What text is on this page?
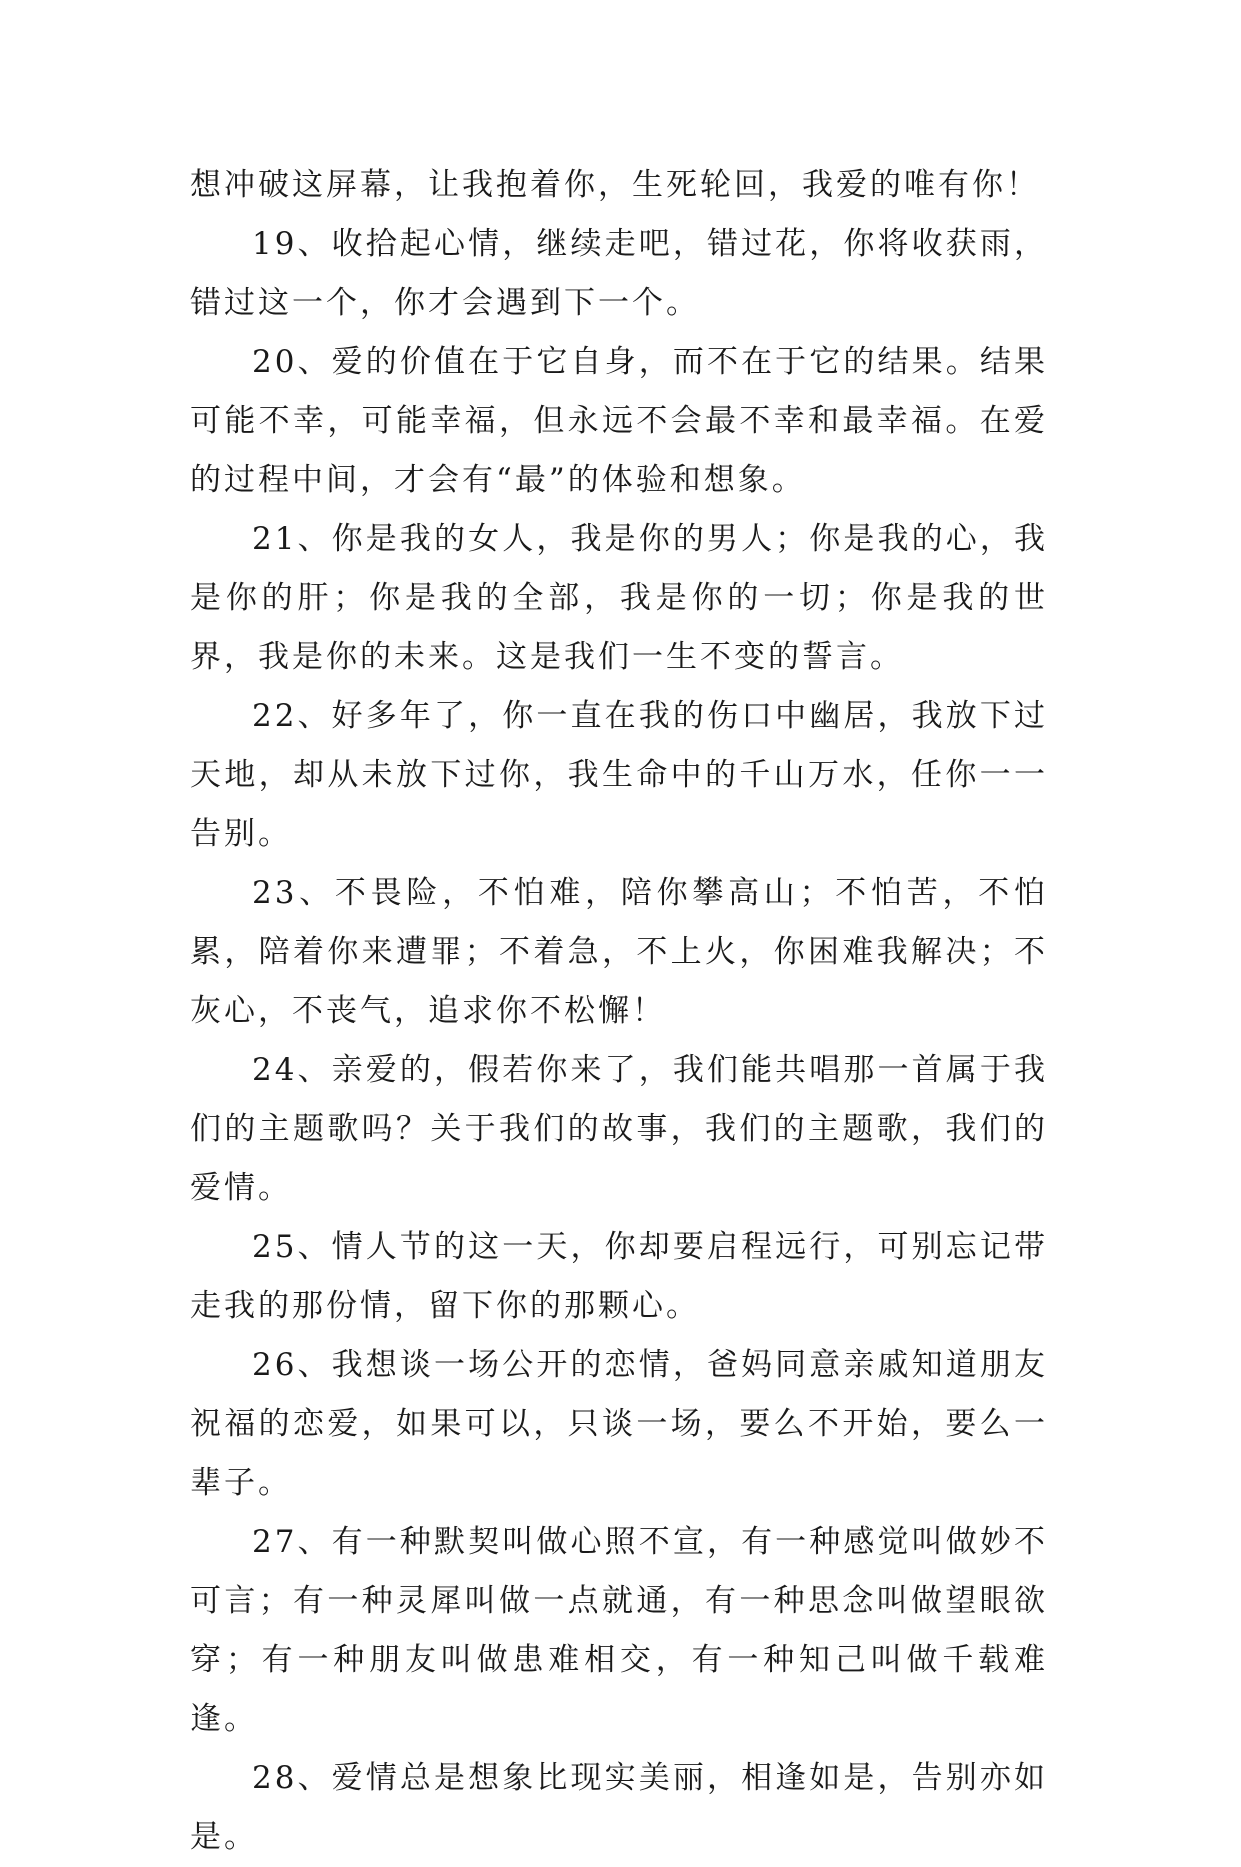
想冲破这屏幕，让我抱着你，生死轮回，我爱的唯有你！

19、收拾起心情，继续走吧，错过花，你将收获雨，错过这一个，你才会遇到下一个。

20、爱的价值在于它自身，而不在于它的结果。结果可能不幸，可能幸福，但永远不会最不幸和最幸福。在爱的过程中间，才会有“最”的体验和想象。

21、你是我的女人，我是你的男人；你是我的心，我是你的肝；你是我的全部，我是你的一切；你是我的世界，我是你的未来。这是我们一生不变的誓言。

22、好多年了，你一直在我的伤口中幽居，我放下过天地，却从未放下过你，我生命中的千山万水，任你一一告别。

23、不畏险，不怕难，陪你攀高山；不怕苦，不怕累，陪着你来遭罪；不着急，不上火，你困难我解决；不灰心，不丧气，追求你不松懈！

24、亲爱的，假若你来了，我们能共唱那一首属于我们的主题歌吗？关于我们的故事，我们的主题歌，我们的爱情。

25、情人节的这一天，你却要启程远行，可别忘记带走我的那份情，留下你的那颗心。

26、我想谈一场公开的恋情，爸妈同意亲戚知道朋友祝福的恋爱，如果可以，只谈一场，要么不开始，要么一辈子。

27、有一种默契叫做心照不宣，有一种感觉叫做妙不可言；有一种灵犀叫做一点就通，有一种思念叫做望眼欲穿；有一种朋友叫做患难相交，有一种知己叫做千载难逢。

28、爱情总是想象比现实美丽，相逢如是，告别亦如是。
